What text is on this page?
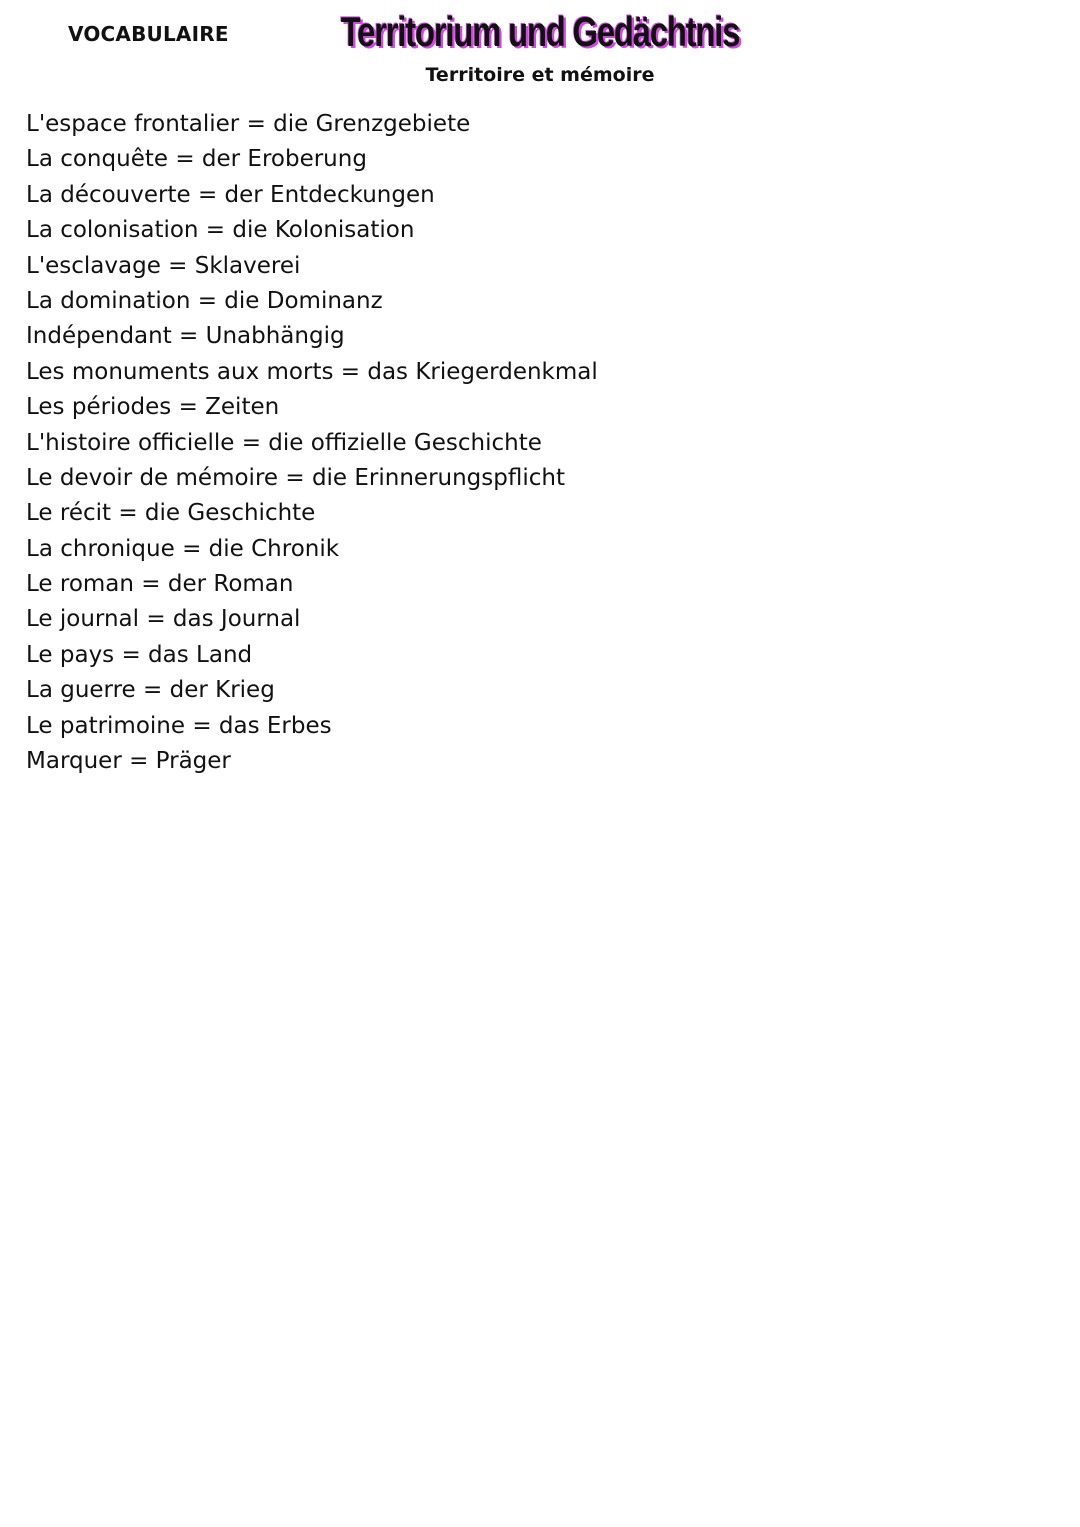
VOCABULAIRE	Territorium und Gedächtnis
Territoire et mémoire
L'espace frontalier = die Grenzgebiete
La conquête = der Eroberung
La découverte = der Entdeckungen
La colonisation = die Kolonisation
L'esclavage = Sklaverei
La domination = die Dominanz
Indépendant = Unabhängig
Les monuments aux morts = das Kriegerdenkmal
Les périodes = Zeiten
L'histoire officielle = die offizielle Geschichte
Le devoir de mémoire = die Erinnerungspflicht
Le récit = die Geschichte
La chronique = die Chronik
Le roman = der Roman
Le journal = das Journal
Le pays = das Land
La guerre = der Krieg
Le patrimoine = das Erbes
Marquer = Präger
